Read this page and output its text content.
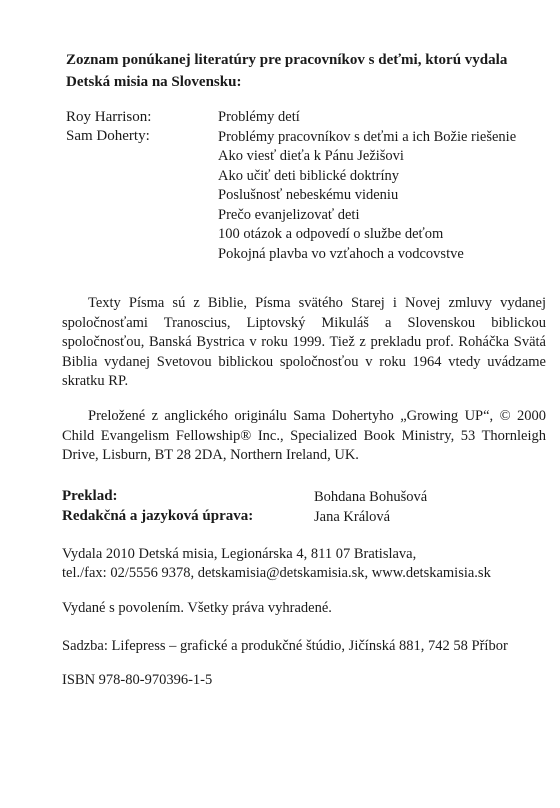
Zoznam ponúkanej literatúry pre pracovníkov s deťmi, ktorú vydala Detská misia na Slovensku:
Roy Harrison:
Sam Doherty:
Problémy detí
Problémy pracovníkov s deťmi a ich Božie riešenie
Ako viesť dieťa k Pánu Ježišovi
Ako učiť deti biblické doktríny
Poslušnosť nebeskému videniu
Prečo evanjelizovať deti
100 otázok a odpovedí o službe deťom
Pokojná plavba vo vzťahoch a vodcovstve
Texty Písma sú z Biblie, Písma svätého Starej i Novej zmluvy vydanej spoločnosťami Tranoscius, Liptovský Mikuláš a Slovenskou biblickou spoločnosťou, Banská Bystrica v roku 1999. Tiež z prekladu prof. Roháčka Svätá Biblia vydanej Svetovou biblickou spoločnosťou v roku 1964 vtedy uvádzame skratku RP.
Preložené z anglického originálu Sama Dohertyho „Growing UP“, © 2000 Child Evangelism Fellowship® Inc., Specialized Book Ministry, 53 Thornleigh Drive, Lisburn, BT 28 2DA, Northern Ireland, UK.
Preklad:	Bohdana Bohušová
Redakčná a jazyková úprava:	Jana Králová
Vydala 2010 Detská misia, Legionárska 4, 811 07 Bratislava,
tel./fax: 02/5556 9378, detskamisia@detskamisia.sk, www.detskamisia.sk
Vydané s povolením. Všetky práva vyhradené.
Sadzba: Lifepress – grafické a produkčné štúdio, Jičínská 881, 742 58 Příbor
ISBN 978-80-970396-1-5
